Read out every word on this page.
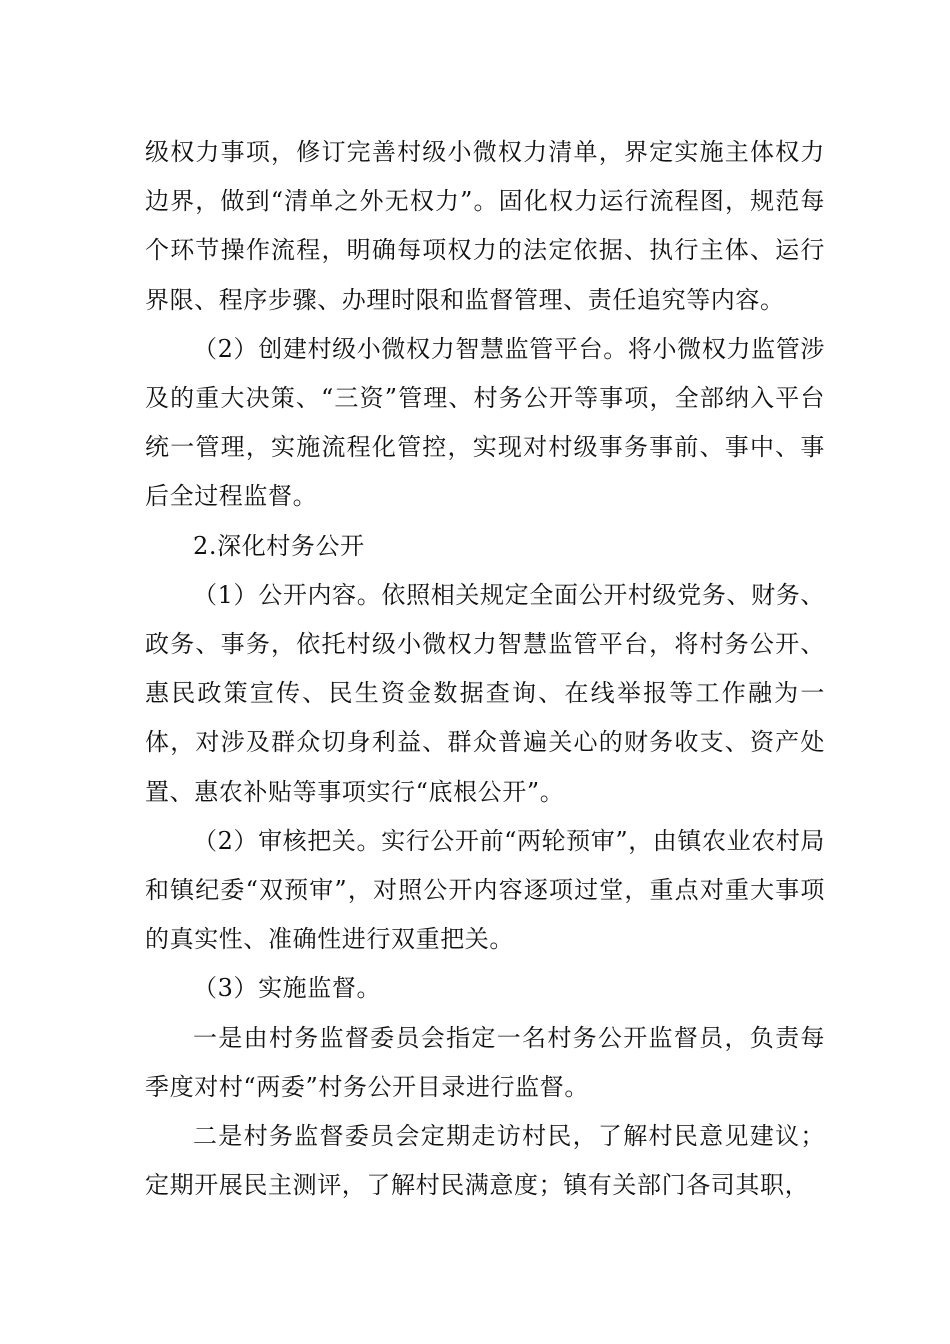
级权力事项，修订完善村级小微权力清单，界定实施主体权力边界，做到“清单之外无权力”。固化权力运行流程图，规范每个环节操作流程，明确每项权力的法定依据、执行主体、运行界限、程序步骤、办理时限和监督管理、责任追究等内容。

（2）创建村级小微权力智慧监管平台。将小微权力监管涉及的重大决策、“三资”管理、村务公开等事项，全部纳入平台统一管理，实施流程化管控，实现对村级事务事前、事中、事后全过程监督。

2.深化村务公开

（1）公开内容。依照相关规定全面公开村级党务、财务、政务、事务，依托村级小微权力智慧监管平台，将村务公开、惠民政策宣传、民生资金数据查询、在线举报等工作融为一体，对涉及群众切身利益、群众普遍关心的财务收支、资产处置、惠农补贴等事项实行“底根公开”。

（2）审核把关。实行公开前“两轮预审”，由镇农业农村局和镇纪委“双预审”，对照公开内容逐项过堂，重点对重大事项的真实性、准确性进行双重把关。

（3）实施监督。

一是由村务监督委员会指定一名村务公开监督员，负责每季度对村“两委”村务公开目录进行监督。

二是村务监督委员会定期走访村民，了解村民意见建议；定期开展民主测评，了解村民满意度；镇有关部门各司其职，
